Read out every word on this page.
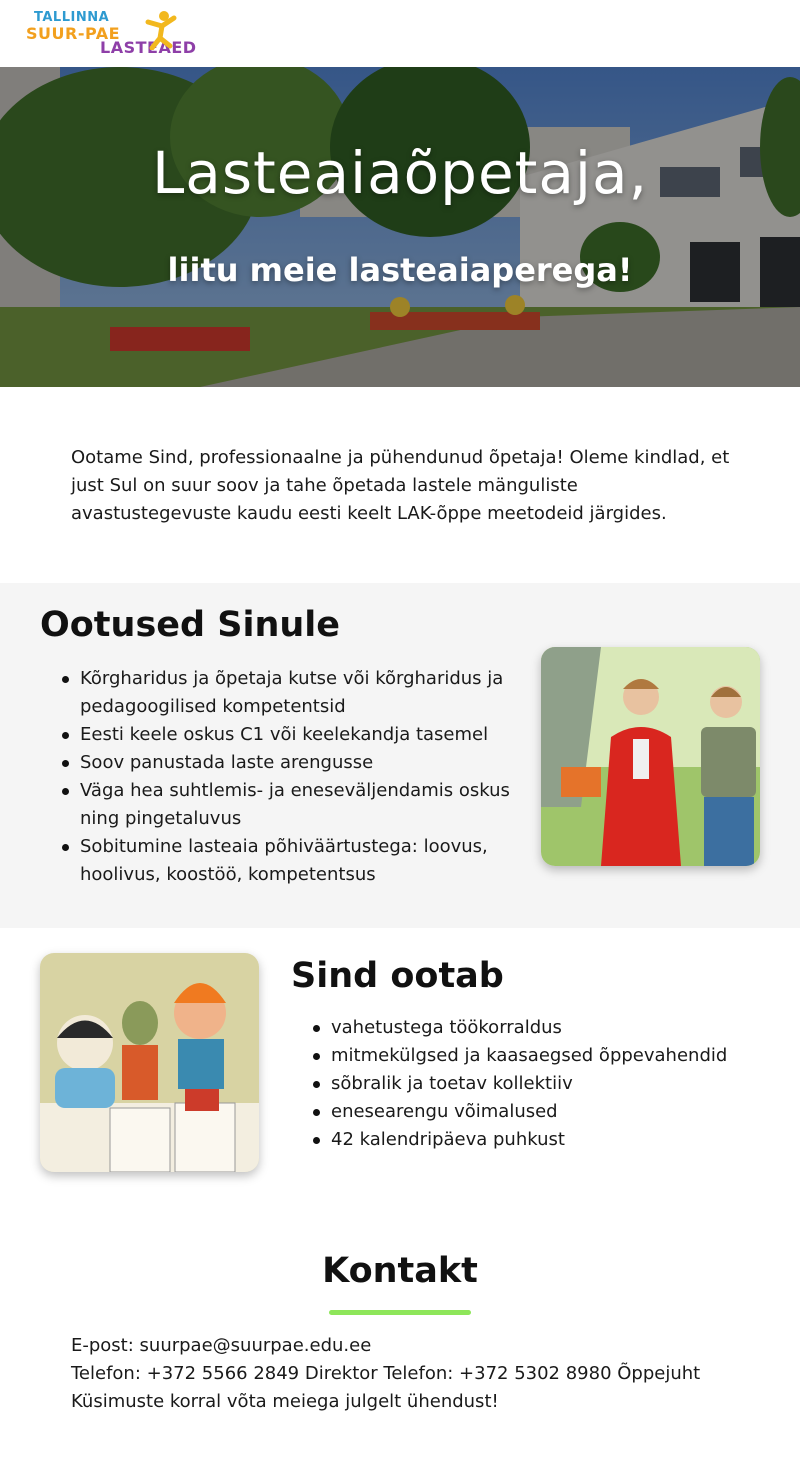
TALLINNA
SUUR-PAE
LASTEAED
Lasteaiaõpetaja,
liitu meie lasteaiaperega!

Ootame Sind, professionaalne ja pühendunud õpetaja! Oleme kindlad, et just Sul on suur soov ja tahe õpetada lastele mänguliste avastustegevuste kaudu eesti keelt LAK-õppe meetodeid järgides.

Ootused Sinule
Kõrgharidus ja õpetaja kutse või kõrgharidus ja pedagoogilised kompetentsid
Eesti keele oskus C1 või keelekandja tasemel
Soov panustada laste arengusse
Väga hea suhtlemis- ja eneseväljendamis oskus ning pingetaluvus
Sobitumine lasteaia põhiväärtustega: loovus, hoolivus, koostöö, kompetentsus
Sind ootab
vahetustega töökorraldus
mitmekülgsed ja kaasaegsed õppevahendid
sõbralik ja toetav kollektiiv
enesearengu võimalused
42 kalendripäeva puhkust
Kontakt
E-post: suurpae@suurpae.edu.ee
Telefon: +372 5566 2849 Direktor Telefon: +372 5302 8980 Õppejuht
Küsimuste korral võta meiega julgelt ühendust!
